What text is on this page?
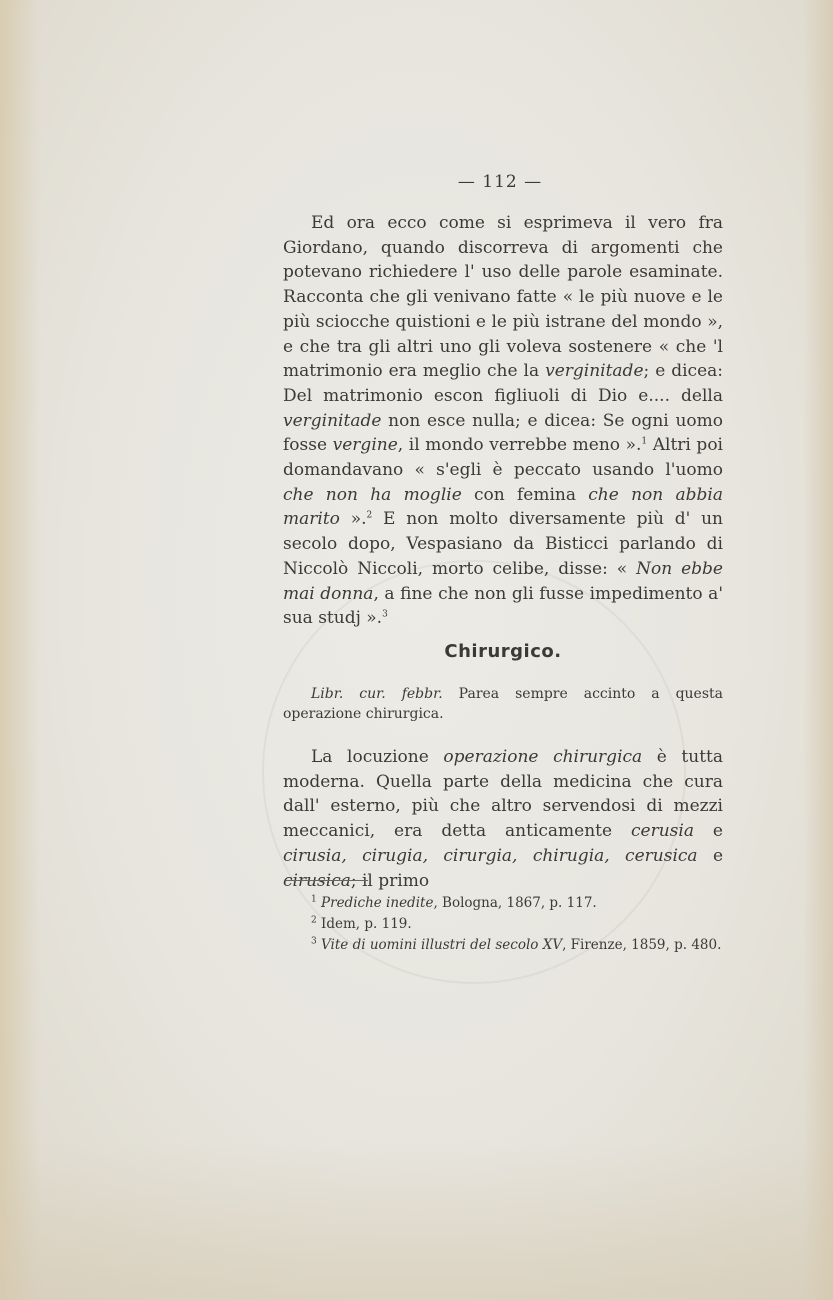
— 112 —

Ed ora ecco come si esprimeva il vero fra Giordano, quando discorreva di argomenti che potevano richiedere l' uso delle parole esaminate. Racconta che gli venivano fatte « le più nuove e le più sciocche quistioni e le più istrane del mondo », e che tra gli altri uno gli voleva sostenere « che 'l matrimonio era meglio che la verginitade; e dicea: Del matrimonio escon figliuoli di Dio e.... della verginitade non esce nulla; e dicea: Se ogni uomo fosse vergine, il mondo verrebbe meno ».$^1$ Altri poi domandavano « s'egli è peccato usando l'uomo che non ha moglie con femina che non abbia marito ».$^2$ E non molto diversamente più d' un secolo dopo, Vespasiano da Bisticci parlando di Niccolò Niccoli, morto celibe, disse: « Non ebbe mai donna, a fine che non gli fusse impedimento a' sua studj ».$^3$

Chirurgico.

Libr. cur. febbr. Parea sempre accinto a questa operazione chirurgica.

La locuzione operazione chirurgica è tutta moderna. Quella parte della medicina che cura dall' esterno, più che altro servendosi di mezzi meccanici, era detta anticamente cerusia e cirusia, cirugia, cirurgia, chirugia, cerusica e cirusica; il primo

$^1$ Prediche inedite, Bologna, 1867, p. 117.

$^2$ Idem, p. 119.

$^3$ Vite di uomini illustri del secolo XV, Firenze, 1859, p. 480.
